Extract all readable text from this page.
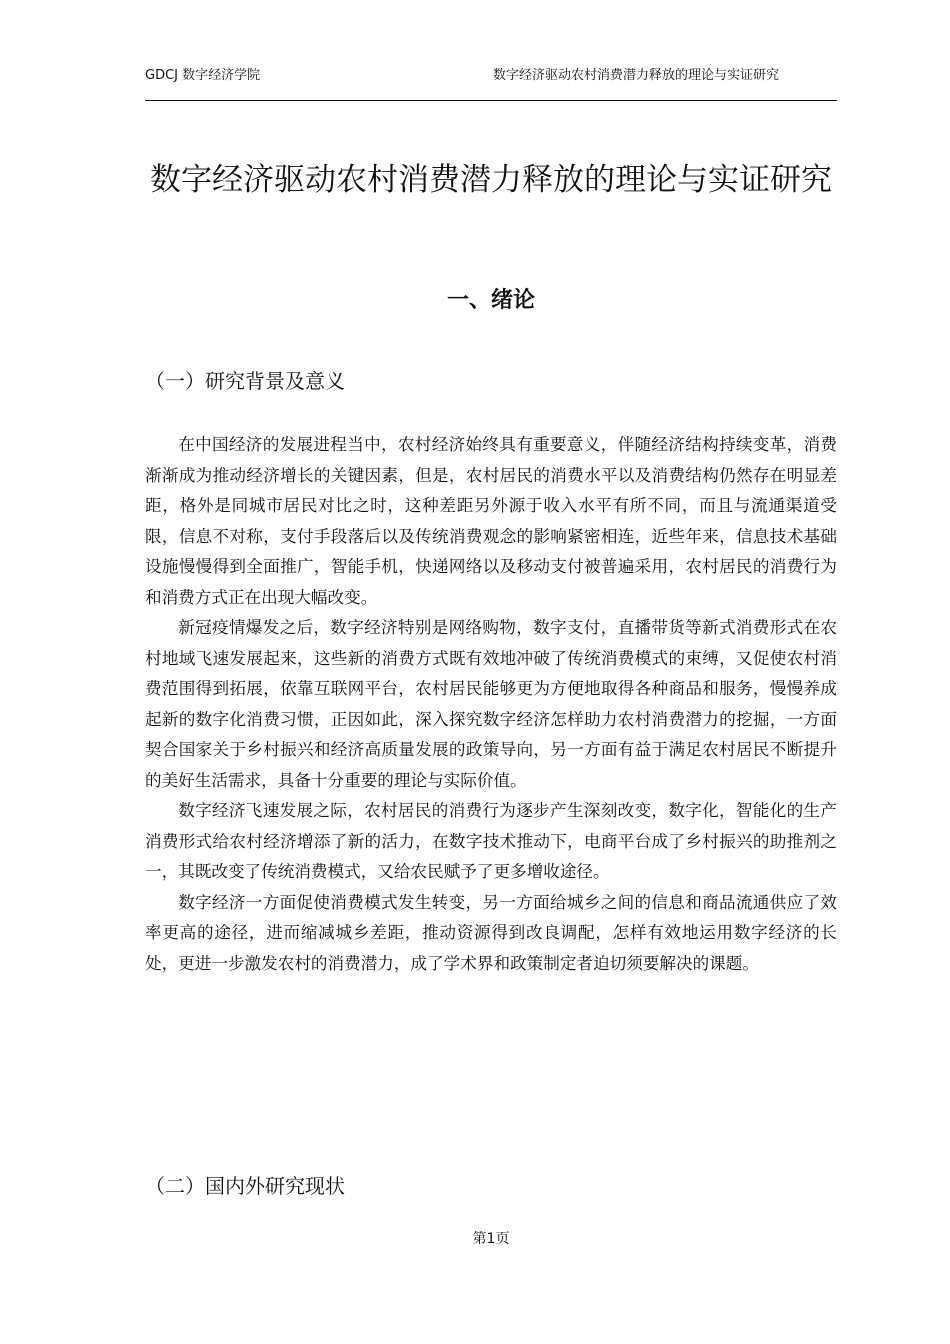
GDCJ 数字经济学院	数字经济驱动农村消费潜力释放的理论与实证研究
数字经济驱动农村消费潜力释放的理论与实证研究
一、绪论
（一）研究背景及意义

在中国经济的发展进程当中，农村经济始终具有重要意义，伴随经济结构持续变革，消费渐渐成为推动经济增长的关键因素，但是，农村居民的消费水平以及消费结构仍然存在明显差距，格外是同城市居民对比之时，这种差距另外源于收入水平有所不同，而且与流通渠道受限，信息不对称，支付手段落后以及传统消费观念的影响紧密相连，近些年来，信息技术基础设施慢慢得到全面推广，智能手机，快递网络以及移动支付被普遍采用，农村居民的消费行为和消费方式正在出现大幅改变。

新冠疫情爆发之后，数字经济特别是网络购物，数字支付，直播带货等新式消费形式在农村地域飞速发展起来，这些新的消费方式既有效地冲破了传统消费模式的束缚，又促使农村消费范围得到拓展，依靠互联网平台，农村居民能够更为方便地取得各种商品和服务，慢慢养成起新的数字化消费习惯，正因如此，深入探究数字经济怎样助力农村消费潜力的挖掘，一方面契合国家关于乡村振兴和经济高质量发展的政策导向，另一方面有益于满足农村居民不断提升的美好生活需求，具备十分重要的理论与实际价值。

数字经济飞速发展之际，农村居民的消费行为逐步产生深刻改变，数字化，智能化的生产消费形式给农村经济增添了新的活力，在数字技术推动下，电商平台成了乡村振兴的助推剂之一，其既改变了传统消费模式，又给农民赋予了更多增收途径。

数字经济一方面促使消费模式发生转变，另一方面给城乡之间的信息和商品流通供应了效率更高的途径，进而缩减城乡差距，推动资源得到改良调配，怎样有效地运用数字经济的长处，更进一步激发农村的消费潜力，成了学术界和政策制定者迫切须要解决的课题。

（二）国内外研究现状
第1页
